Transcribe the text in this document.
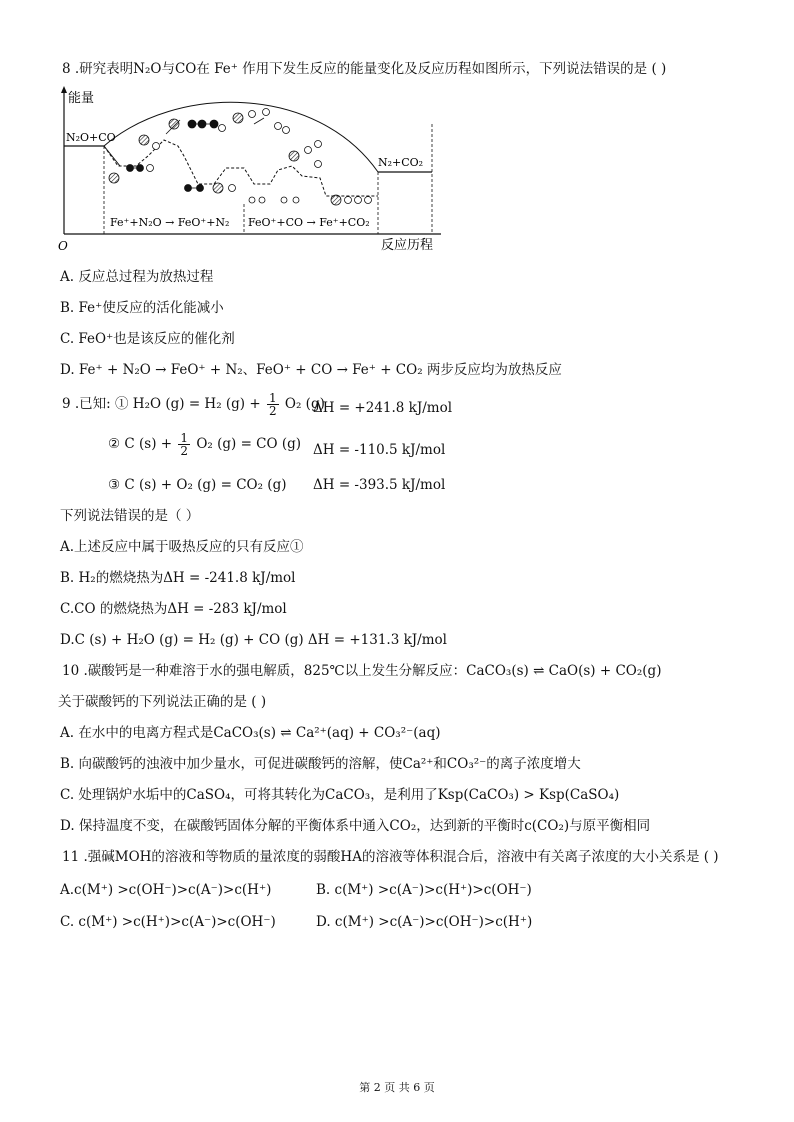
8 .研究表明N₂O与CO在 Fe⁺ 作用下发生反应的能量变化及反应历程如图所示，下列说法错误的是 ( )
能量
O	反应历程
N₂O+CO
N₂+CO₂
Fe⁺+N₂O → FeO⁺+N₂ FeO⁺+CO → Fe⁺+CO₂
A. 反应总过程为放热过程
B. Fe⁺使反应的活化能减小
C. FeO⁺也是该反应的催化剂
D. Fe⁺ + N₂O → FeO⁺ + N₂、FeO⁺ + CO → Fe⁺ + CO₂ 两步反应均为放热反应
9 .已知: ① H₂O (g) = H₂ $(g) + \frac{1}{2} O_2$ (g)
ΔH = +241.8 kJ/mol
② C $(s) + \frac{1}{2} O_2$ (g) = CO (g) ΔH = -110.5 kJ/mol
③ C (s) + O₂ (g) = CO₂ (g) ΔH = -393.5 kJ/mol
下列说法错误的是（ ）
A.上述反应中属于吸热反应的只有反应①
B. H₂的燃烧热为ΔH = -241.8 kJ/mol
C.CO 的燃烧热为ΔH = -283 kJ/mol
D.C (s) + H₂O (g) = H₂ (g) + CO (g) ΔH = +131.3 kJ/mol
10 .碳酸钙是一种难溶于水的强电解质，825℃以上发生分解反应：CaCO₃(s) ⇌ CaO(s) + CO₂(g)
关于碳酸钙的下列说法正确的是 ( )
A. 在水中的电离方程式是CaCO₃(s) ⇌ Ca²⁺(aq) + CO₃²⁻(aq)
B. 向碳酸钙的浊液中加少量水，可促进碳酸钙的溶解，使Ca²⁺和CO₃²⁻的离子浓度增大
C. 处理锅炉水垢中的CaSO₄，可将其转化为CaCO₃，是利用了Ksp(CaCO₃) > Ksp(CaSO₄)
D. 保持温度不变，在碳酸钙固体分解的平衡体系中通入CO₂，达到新的平衡时c(CO₂)与原平衡相同
11 .强碱MOH的溶液和等物质的量浓度的弱酸HA的溶液等体积混合后，溶液中有关离子浓度的大小关系是 ( )
A.c(M⁺) >c(OH⁻)>c(A⁻)>c(H⁺)	B. c(M⁺) >c(A⁻)>c(H⁺)>c(OH⁻)
C. c(M⁺) >c(H⁺)>c(A⁻)>c(OH⁻)	D. c(M⁺) >c(A⁻)>c(OH⁻)>c(H⁺)
第 2 页 共 6 页
